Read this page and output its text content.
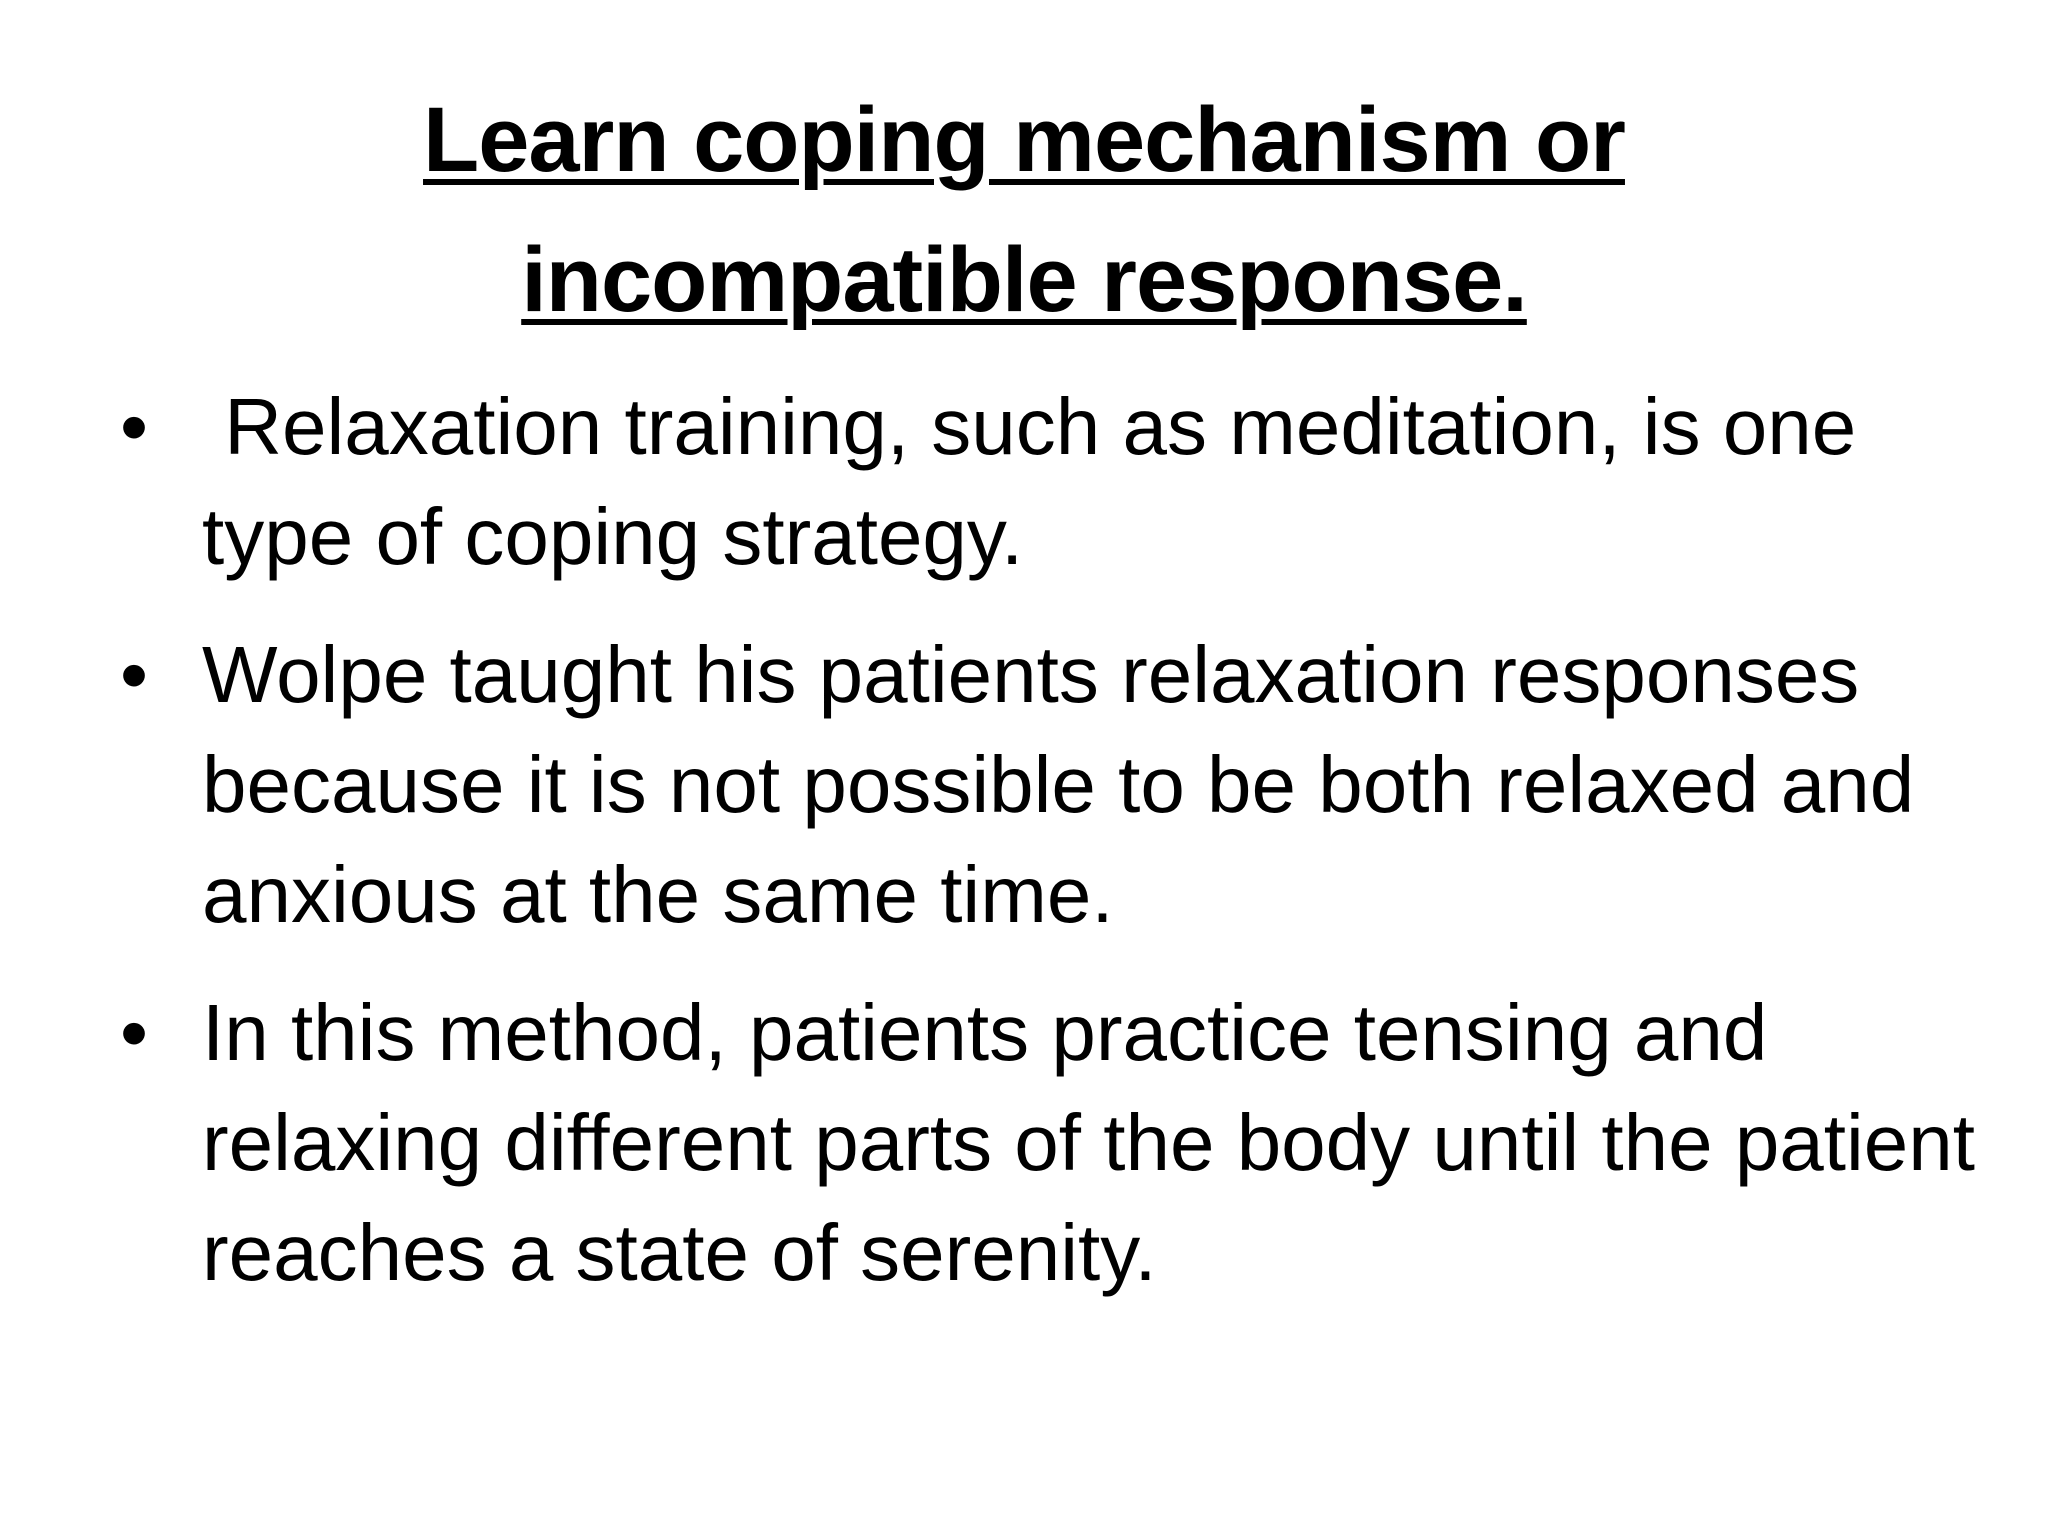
Learn coping mechanism or
incompatible response.
• Relaxation training, such as meditation, is one type of coping strategy.
• Wolpe taught his patients relaxation responses because it is not possible to be both relaxed and anxious at the same time.
• In this method, patients practice tensing and relaxing different parts of the body until the patient reaches a state of serenity.
